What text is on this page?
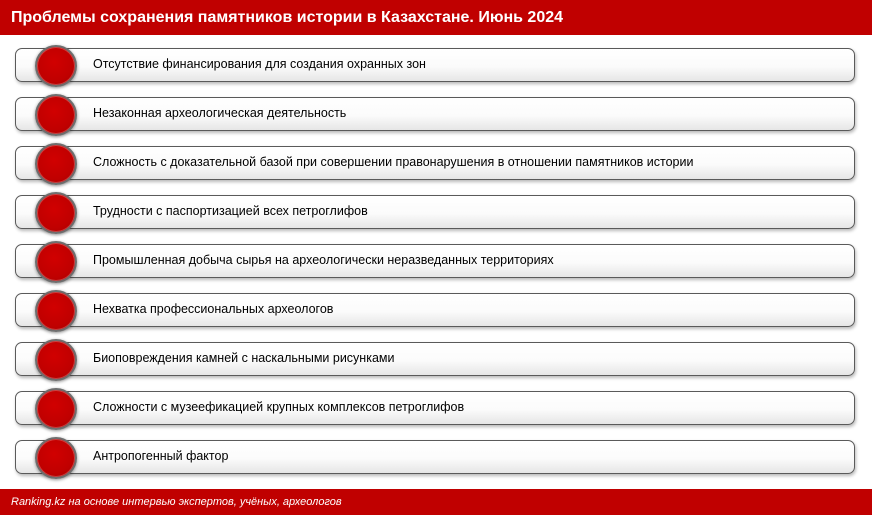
Проблемы сохранения памятников истории в Казахстане. Июнь 2024
Отсутствие финансирования для создания охранных зон
Незаконная археологическая деятельность
Сложность с доказательной базой при совершении правонарушения в отношении памятников истории
Трудности с паспортизацией всех петроглифов
Промышленная добыча сырья на археологически неразведанных территориях
Нехватка профессиональных археологов
Биоповреждения камней с наскальными рисунками
Сложности с музеефикацией крупных комплексов петроглифов
Антропогенный фактор
Ranking.kz на основе интервью экспертов, учёных, археологов
